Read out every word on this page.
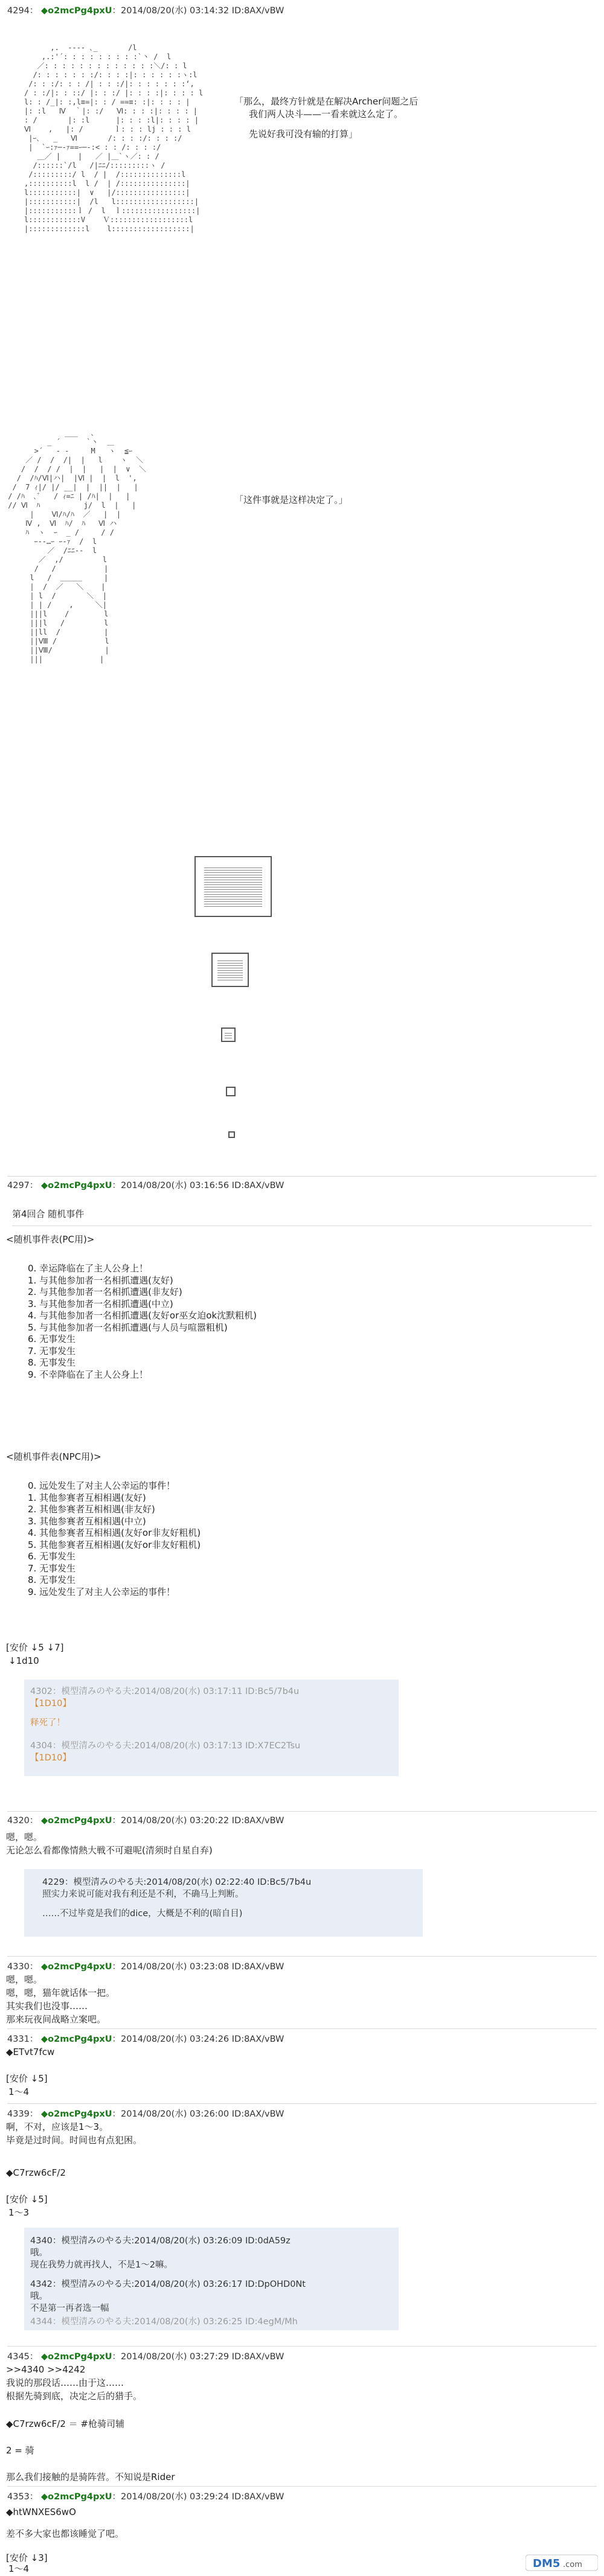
4294： ◆o2mcPg4pxU：2014/08/20(水) 03:14:32 ID:8AX/vBW
,.  -‐‐- ､_       /l
,.:'´: : : : : : : : :`丶 /  l
／: : : : : : : : : : : : :＼/: : l
/: : : : : : :/: : : :|: : : : : :ヽ:l
/: : :/: : : /| : : :/|: : : : : : :‘,
/ : :/|: : ::/ |: : :/ |: : : :|: : : : l
l: : /_|: :,l≡=|: : / ==≡: :|: : : : |
|: :l   Ⅳ  ｀|: :/   Ⅵ: : : :|: : : : |
: /       |: :l      |: : : :l|: : : : |
Ⅵ    ,   |: /       ｌ: : : lj : : : l
|ｰ､   _   Ⅵ       /: : : :/: : : :/
|  `ｰ:ｧ─‐ｧ==ｰ─‐:< : : /: : : :/
＿／ |    |   ／ |＿`ヽ／: : /
/::::::`/l   /|ﾆﾆ/:::::::::ヽ /
/:::::::::/ l  / |  /::::::::::::::l
,::::::::::l  l /  | /:::::::::::::::|
l:::::::::::|  ∨   |/::::::::::::::::|
|:::::::::::|  /l   l::::::::::::::::::|
|:::::::::::ｌ /  l  ｌ:::::::::::::::::|
l::::::::::::V    Ｖ::::::::::::::::::l
|:::::::::::::l    l::::::::::::::::::|
「那么，最终方针就是在解决Archer问题之后
我们两人决斗——一看来就这么定了。
先说好我可没有输的打算」
___   ､
_ ´      `丶  ＿
>´   ‐ ‐     M   ヽ  ≦ｰ
／ /  /  /|  |   l    ヽ  ＼
/  /  / /  |  |   |  |  ∨  ＼
/  /ﾊ/Ⅵ|ハ|  |Ⅵ |  |  l  ',
/  7 ｨ|/ |/ __|  |  ||  |   |
/ /ﾊ  ､ﾞ   / ｨ=ﾆ | /ﾊ|  |   |
// Ⅵ  ﾊ          j/  l  |   |
|    Ⅵ/ﾊ/ﾊ  ／   |  |
Ⅳ ,  Ⅵ  ﾊ/  ﾊ   Ⅵ ハ
ﾊ  ヽ  ｰ  _ /     / /
ｰ-‐…ｰ ｰ-ｧ  /  l
／  /ﾆﾆ‐-  l
／  ,/         l
/   /           |
l   /  ＿＿＿     |
|  /  ／   ＼    |
| l  /       ＼  |
| | /    ,     ＼|
|||l    /        l
|||l   /         l
||ll  /          |
||Ⅷ /           l
||Ⅷ/            |
|||             |
「这件事就是这样决定了。」
4297： ◆o2mcPg4pxU：2014/08/20(水) 03:16:56 ID:8AX/vBW
第4回合 随机事件
<随机事件表(PC用)>
0. 幸运降临在了主人公身上！
1. 与其他参加者一名相抓遭遇(友好)
2. 与其他参加者一名相抓遭遇(非友好)
3. 与其他参加者一名相抓遭遇(中立)
4. 与其他参加者一名相抓遭遇(友好or巫女迫ok沈默粗机)
5. 与其他参加者一名相抓遭遇(与人员与喧嚣粗机)
6. 无事发生
7. 无事发生
8. 无事发生
9. 不幸降临在了主人公身上！
<随机事件表(NPC用)>
0. 远处发生了对主人公幸运的事件！
1. 其他参赛者互相相遇(友好)
2. 其他参赛者互相相遇(非友好)
3. 其他参赛者互相相遇(中立)
4. 其他参赛者互相相遇(友好or非友好粗机)
5. 其他参赛者互相相遇(友好or非友好粗机)
6. 无事发生
7. 无事发生
8. 无事发生
9. 远处发生了对主人公幸运的事件！
[安价 ↓5 ↓7]
↓1d10
4302：模型清みのやる夫:2014/08/20(水) 03:17:11 ID:Bc5/7b4u
【1D10】
释死了！
4304：模型清みのやる夫:2014/08/20(水) 03:17:13 ID:X7EC2Tsu
【1D10】
4320： ◆o2mcPg4pxU：2014/08/20(水) 03:20:22 ID:8AX/vBW
嗯，嗯。
无论怎么看都像情熱大戦不可避呢(清须时自星自弃)
4229：模型清みのやる夫:2014/08/20(水) 02:22:40 ID:Bc5/7b4u
照实力来说可能对我有利还是不利，不确马上判断。
……不过毕竟是我们的dice，大概是不利的(暗自目)
4330： ◆o2mcPg4pxU：2014/08/20(水) 03:23:08 ID:8AX/vBW
嗯，嗯。
嗯，嗯，猫年就话体一把。
其实我们也没事……
那来玩夜间战略立案吧。
4331： ◆o2mcPg4pxU：2014/08/20(水) 03:24:26 ID:8AX/vBW
◆ETvt7fcw
[安价 ↓5]
1～4
4339： ◆o2mcPg4pxU：2014/08/20(水) 03:26:00 ID:8AX/vBW
啊，不对，应该是1～3。
毕竟是过时间。时间也有点犯困。
◆C7rzw6cF/2
[安价 ↓5]
1～3
4340：模型清みのやる夫:2014/08/20(水) 03:26:09 ID:0dA59z
哦。
现在我势力就再找人，不是1～2嘛。
4342：模型清みのやる夫:2014/08/20(水) 03:26:17 ID:DpOHD0Nt
哦。
不是第一再者选一幅
4344：模型清みのやる夫:2014/08/20(水) 03:26:25 ID:4egM/Mh
4345： ◆o2mcPg4pxU：2014/08/20(水) 03:27:29 ID:8AX/vBW
>>4340 >>4242
我说的那段话……由于这……
根据先骑到底，决定之后的猎手。
◆C7rzw6cF/2 ＝ #枪骑司辅
2 = 骑
那么我们接触的是骑阵营。不知说是Rider
4353： ◆o2mcPg4pxU：2014/08/20(水) 03:29:24 ID:8AX/vBW
◆htWNXES6wO
差不多大家也都该睡觉了吧。
[安价 ↓3]
1～4	DM5 .com
